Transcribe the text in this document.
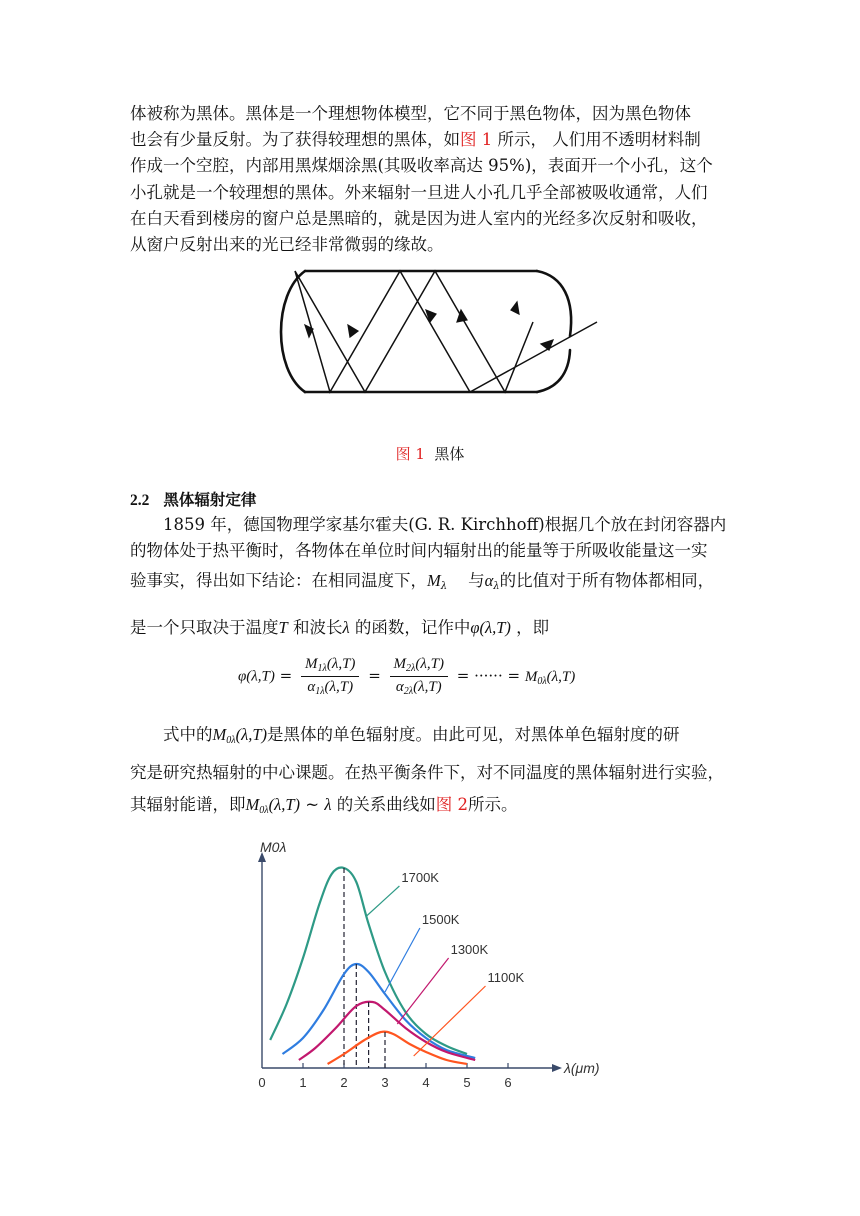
体被称为黑体。黑体是一个理想物体模型，它不同于黑色物体，因为黑色物体
也会有少量反射。为了获得较理想的黑体，如图 1 所示， 人们用不透明材料制
作成一个空腔，内部用黑煤烟涂黑(其吸收率高达 95%)，表面开一个小孔，这个
小孔就是一个较理想的黑体。外来辐射一旦进人小孔几乎全部被吸收通常，人们
在白天看到楼房的窗户总是黑暗的，就是因为进人室内的光经多次反射和吸收，
从窗户反射出来的光已经非常微弱的缘故。
图 1 黑体
2.2 黑体辐射定律
1859 年，德国物理学家基尔霍夫(G. R. Kirchhoff)根据几个放在封闭容器内
的物体处于热平衡时，各物体在单位时间内辐射出的能量等于所吸收能量这一实
验事实，得出如下结论：在相同温度下，$M_\lambda$ 与$\alpha_\lambda$的比值对于所有物体都相同，
是一个只取决于温度T 和波长λ 的函数，记作中φ(λ,T) ，即
$\varphi(\lambda,T) = \frac{M_{1\lambda}(\lambda,T)}{\alpha_{1\lambda}(\lambda,T)} = \frac{M_{2\lambda}(\lambda,T)}{\alpha_{2\lambda}(\lambda,T)}$ = ······ = $M_{0\lambda}(\lambda,T)$
式中的$M_{0\lambda}(\lambda,T)$是黑体的单色辐射度。由此可见，对黑体单色辐射度的研
究是研究热辐射的中心课题。在热平衡条件下，对不同温度的黑体辐射进行实验，
其辐射能谱，即$M_{0\lambda}(\lambda,T)$ ~ λ 的关系曲线如图 2所示。
0	1	2	3	4	5	6
M0λ
λ(μm)
1700K
1500K
1300K
1100K
